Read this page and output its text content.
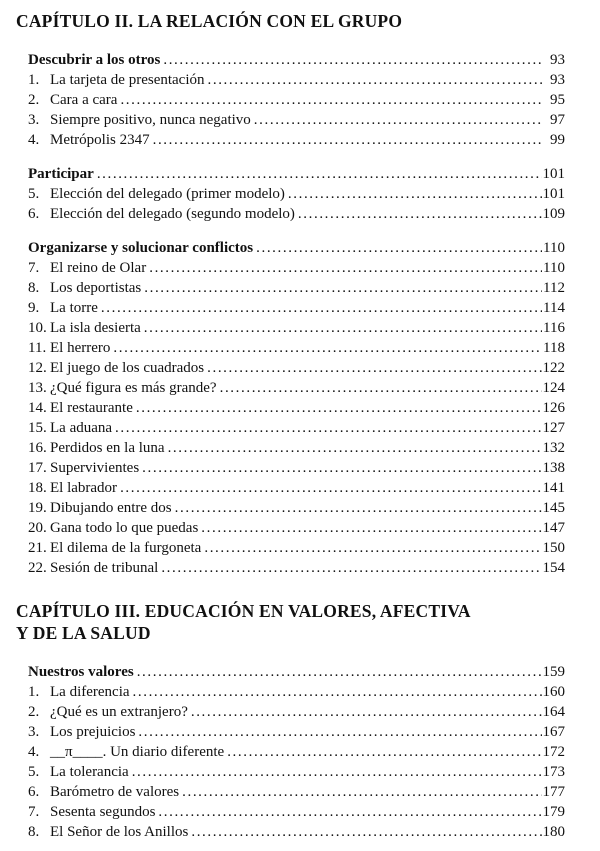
CAPÍTULO II. LA RELACIÓN CON EL GRUPO
Descubrir a los otros .....	93
1. La tarjeta de presentación .....	93
2. Cara a cara .....	95
3. Siempre positivo, nunca negativo .....	97
4. Metrópolis 2347 .....	99
Participar .....	101
5. Elección del delegado (primer modelo) .....	101
6. Elección del delegado (segundo modelo) .....	109
Organizarse y solucionar conflictos .....	110
7. El reino de Olar .....	110
8. Los deportistas .....	112
9. La torre .....	114
10. La isla desierta .....	116
11. El herrero .....	118
12. El juego de los cuadrados .....	122
13. ¿Qué figura es más grande? .....	124
14. El restaurante .....	126
15. La aduana .....	127
16. Perdidos en la luna .....	132
17. Supervivientes .....	138
18. El labrador .....	141
19. Dibujando entre dos .....	145
20. Gana todo lo que puedas .....	147
21. El dilema de la furgoneta .....	150
22. Sesión de tribunal .....	154
CAPÍTULO III. EDUCACIÓN EN VALORES, AFECTIVA
Y DE LA SALUD
Nuestros valores .....	159
1. La diferencia .....	160
2. ¿Qué es un extranjero? .....	164
3. Los prejuicios .....	167
4. __π____. Un diario diferente .....	172
5. La tolerancia .....	173
6. Barómetro de valores .....	177
7. Sesenta segundos .....	179
8. El Señor de los Anillos .....	180
